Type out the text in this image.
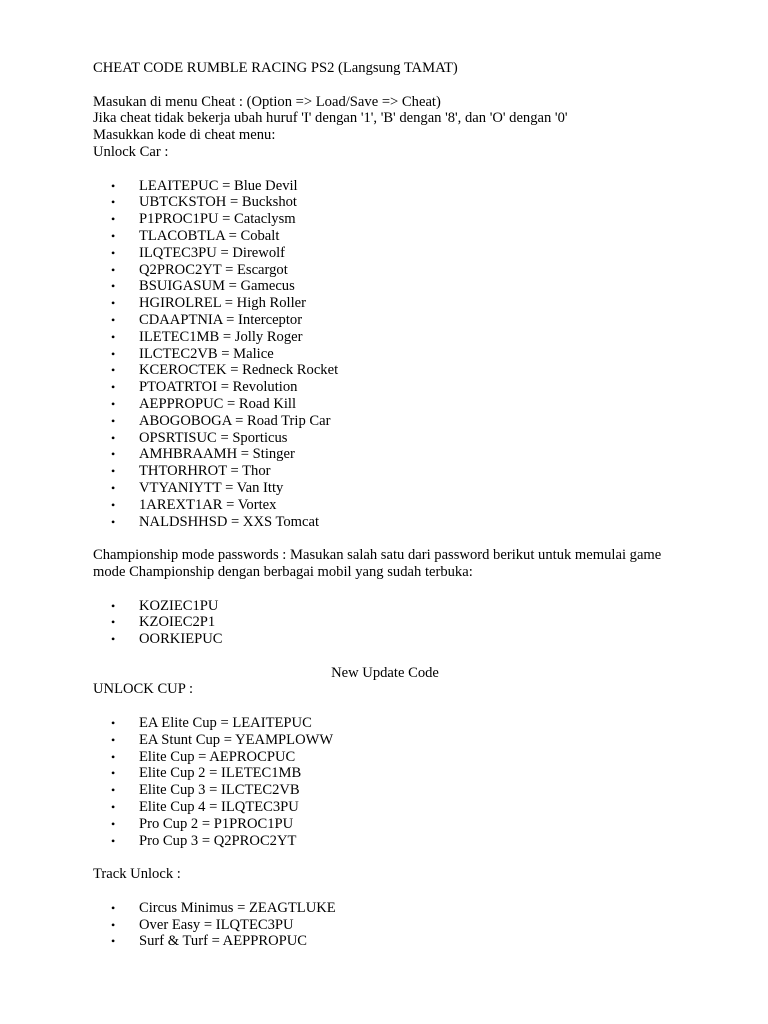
CHEAT CODE RUMBLE RACING PS2 (Langsung TAMAT)

Masukan di menu Cheat : (Option => Load/Save => Cheat)

Jika cheat tidak bekerja ubah huruf 'I' dengan '1', 'B' dengan '8', dan 'O' dengan '0'

Masukkan kode di cheat menu:

Unlock Car :

• LEAITEPUC = Blue Devil
• UBTCKSTOH = Buckshot
• P1PROC1PU = Cataclysm
• TLACOBTLA = Cobalt
• ILQTEC3PU = Direwolf
• Q2PROC2YT = Escargot
• BSUIGASUM = Gamecus
• HGIROLREL = High Roller
• CDAAPTNIA = Interceptor
• ILETEC1MB = Jolly Roger
• ILCTEC2VB = Malice
• KCEROCTEK = Redneck Rocket
• PTOATRTOI = Revolution
• AEPPROPUC = Road Kill
• ABOGOBOGA = Road Trip Car
• OPSRTISUC = Sporticus
• AMHBRAAMH = Stinger
• THTORHROT = Thor
• VTYANIYTT = Van Itty
• 1AREXT1AR = Vortex
• NALDSHHSD = XXS Tomcat

Championship mode passwords : Masukan salah satu dari password berikut untuk memulai game mode Championship dengan berbagai mobil yang sudah terbuka:

• KOZIEC1PU
• KZOIEC2P1
• OORKIEPUC

New Update Code

UNLOCK CUP :

• EA Elite Cup = LEAITEPUC
• EA Stunt Cup = YEAMPLOWW
• Elite Cup = AEPROCPUC
• Elite Cup 2 = ILETEC1MB
• Elite Cup 3 = ILCTEC2VB
• Elite Cup 4 = ILQTEC3PU
• Pro Cup 2 = P1PROC1PU
• Pro Cup 3 = Q2PROC2YT

Track Unlock :

• Circus Minimus = ZEAGTLUKE
• Over Easy = ILQTEC3PU
• Surf & Turf = AEPPROPUC
